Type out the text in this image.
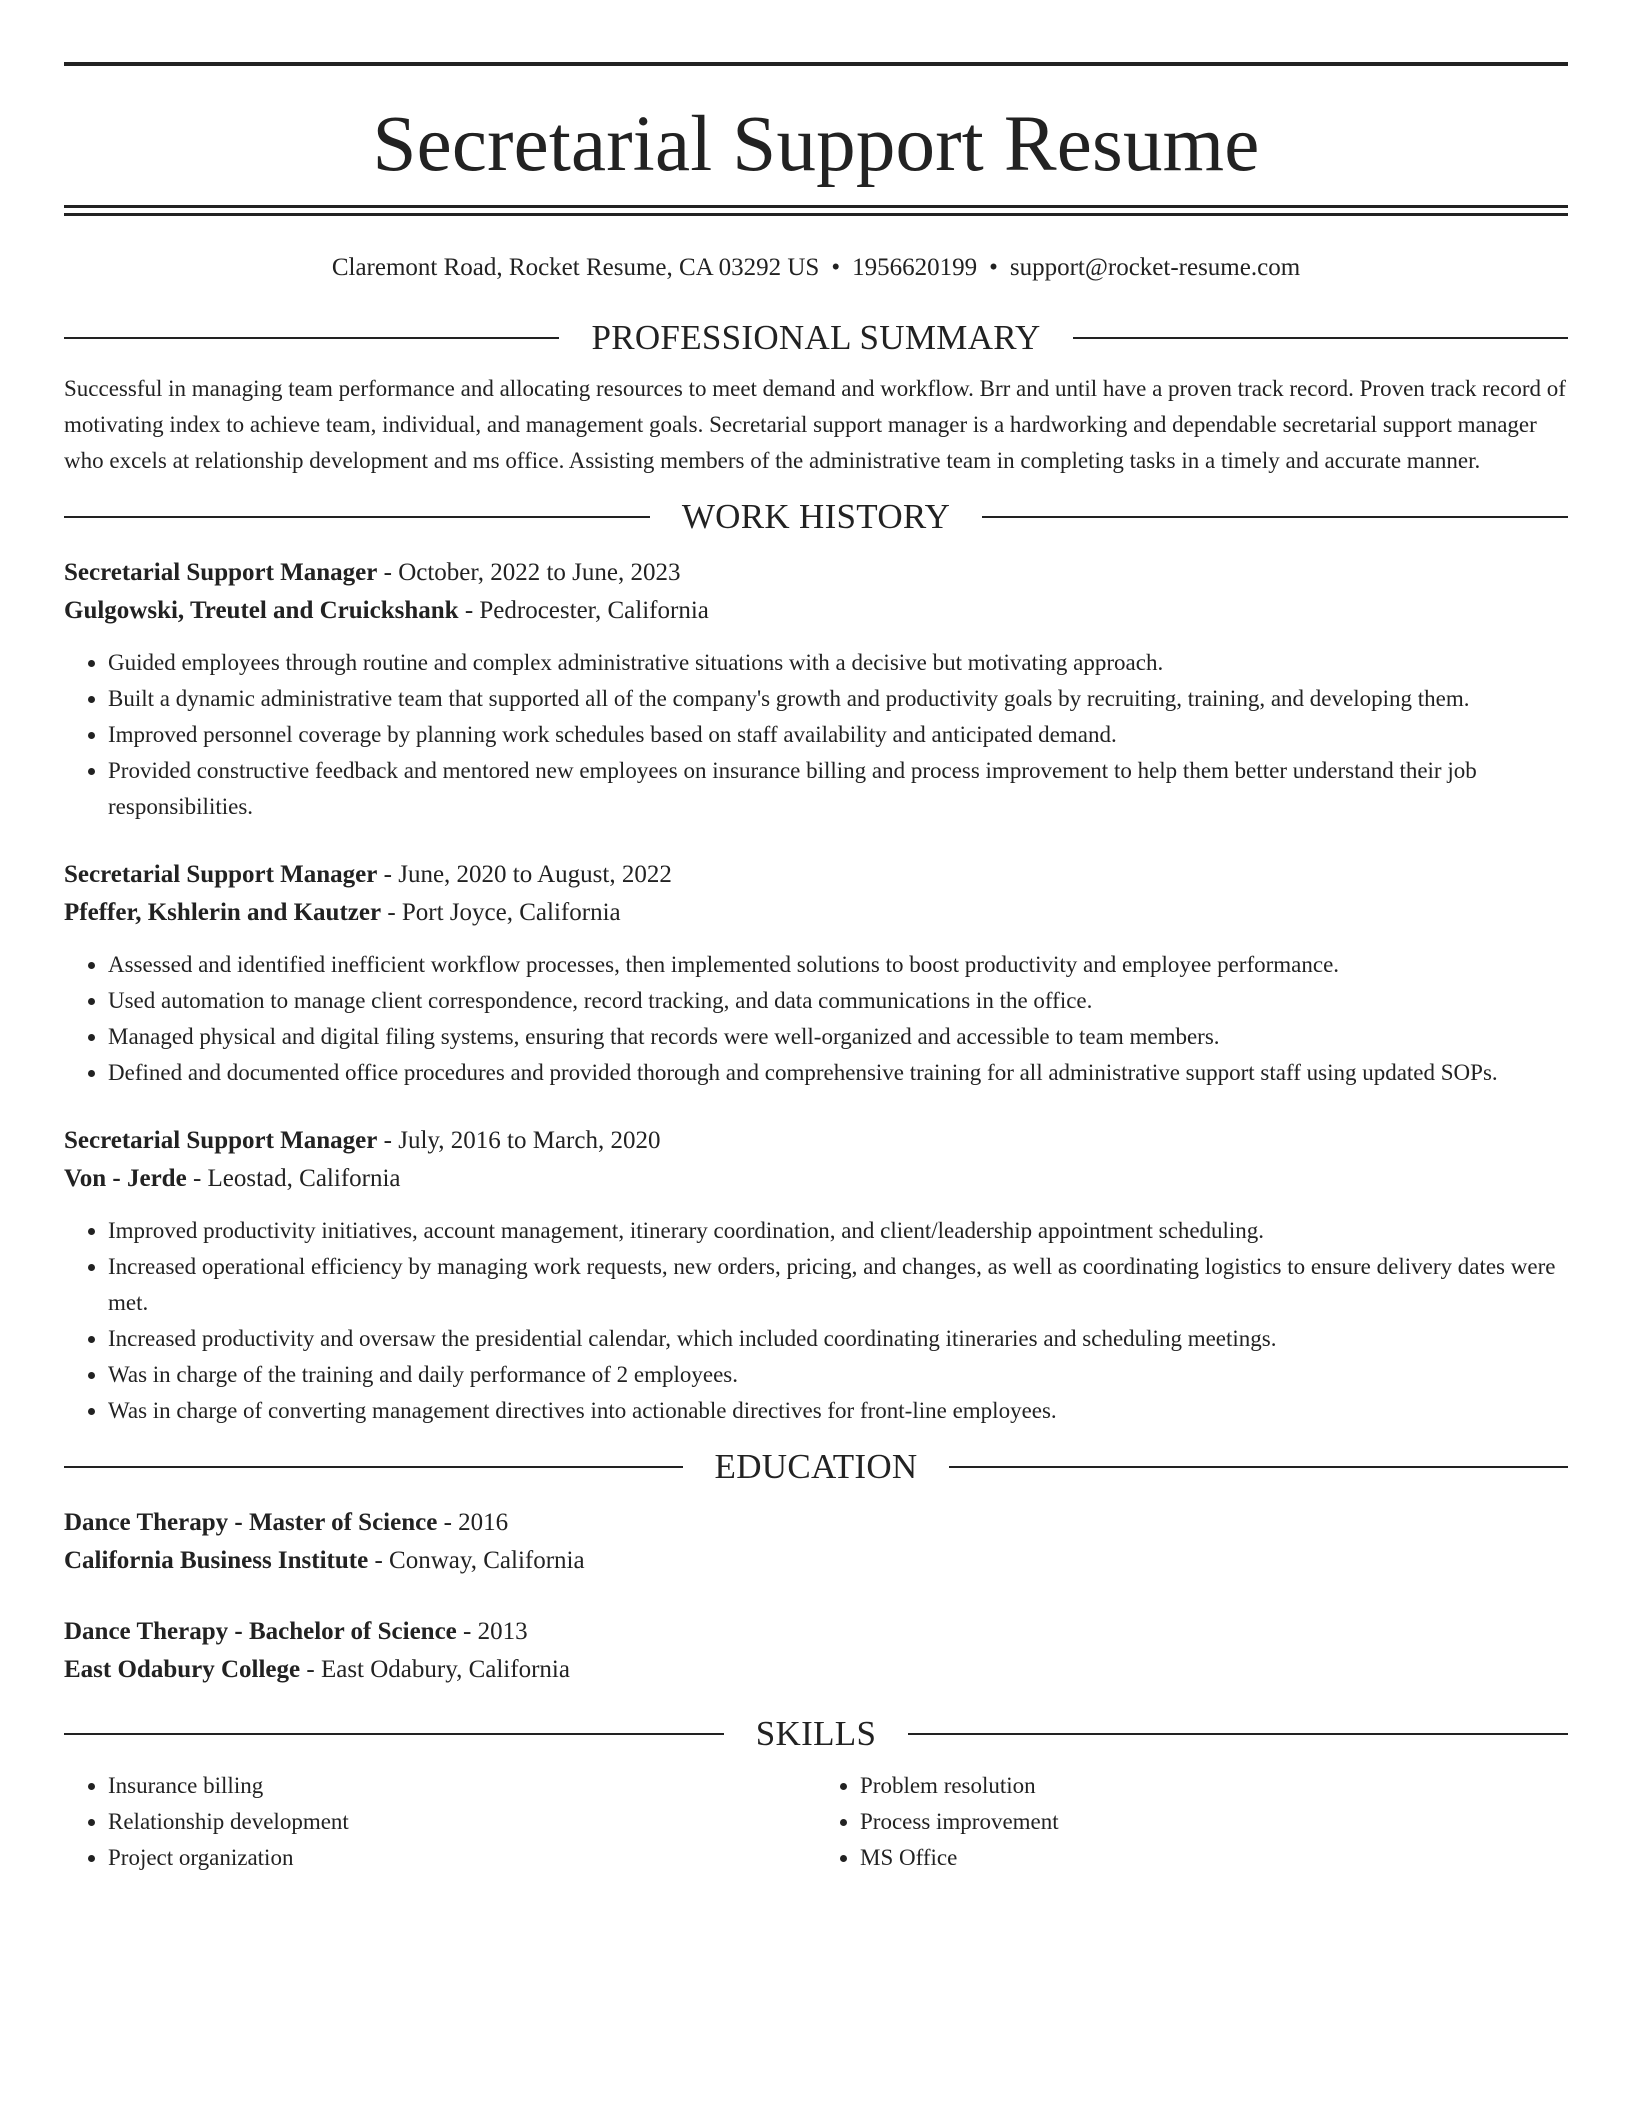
Secretarial Support Resume
Claremont Road, Rocket Resume, CA 03292 US • 1956620199 • support@rocket-resume.com
PROFESSIONAL SUMMARY

Successful in managing team performance and allocating resources to meet demand and workflow. Brr and until have a proven track record. Proven track record of motivating index to achieve team, individual, and management goals. Secretarial support manager is a hardworking and dependable secretarial support manager who excels at relationship development and ms office. Assisting members of the administrative team in completing tasks in a timely and accurate manner.

WORK HISTORY

Secretarial Support Manager - October, 2022 to June, 2023

Gulgowski, Treutel and Cruickshank - Pedrocester, California

• Guided employees through routine and complex administrative situations with a decisive but motivating approach.
• Built a dynamic administrative team that supported all of the company's growth and productivity goals by recruiting, training, and developing them.
• Improved personnel coverage by planning work schedules based on staff availability and anticipated demand.
• Provided constructive feedback and mentored new employees on insurance billing and process improvement to help them better understand their job responsibilities.

Secretarial Support Manager - June, 2020 to August, 2022

Pfeffer, Kshlerin and Kautzer - Port Joyce, California

• Assessed and identified inefficient workflow processes, then implemented solutions to boost productivity and employee performance.
• Used automation to manage client correspondence, record tracking, and data communications in the office.
• Managed physical and digital filing systems, ensuring that records were well-organized and accessible to team members.
• Defined and documented office procedures and provided thorough and comprehensive training for all administrative support staff using updated SOPs.

Secretarial Support Manager - July, 2016 to March, 2020

Von - Jerde - Leostad, California

• Improved productivity initiatives, account management, itinerary coordination, and client/leadership appointment scheduling.
• Increased operational efficiency by managing work requests, new orders, pricing, and changes, as well as coordinating logistics to ensure delivery dates were met.
• Increased productivity and oversaw the presidential calendar, which included coordinating itineraries and scheduling meetings.
• Was in charge of the training and daily performance of 2 employees.
• Was in charge of converting management directives into actionable directives for front-line employees.
EDUCATION

Dance Therapy - Master of Science - 2016

California Business Institute - Conway, California

Dance Therapy - Bachelor of Science - 2013

East Odabury College - East Odabury, California

SKILLS
• Insurance billing
• Relationship development
• Project organization
• Problem resolution
• Process improvement
• MS Office
